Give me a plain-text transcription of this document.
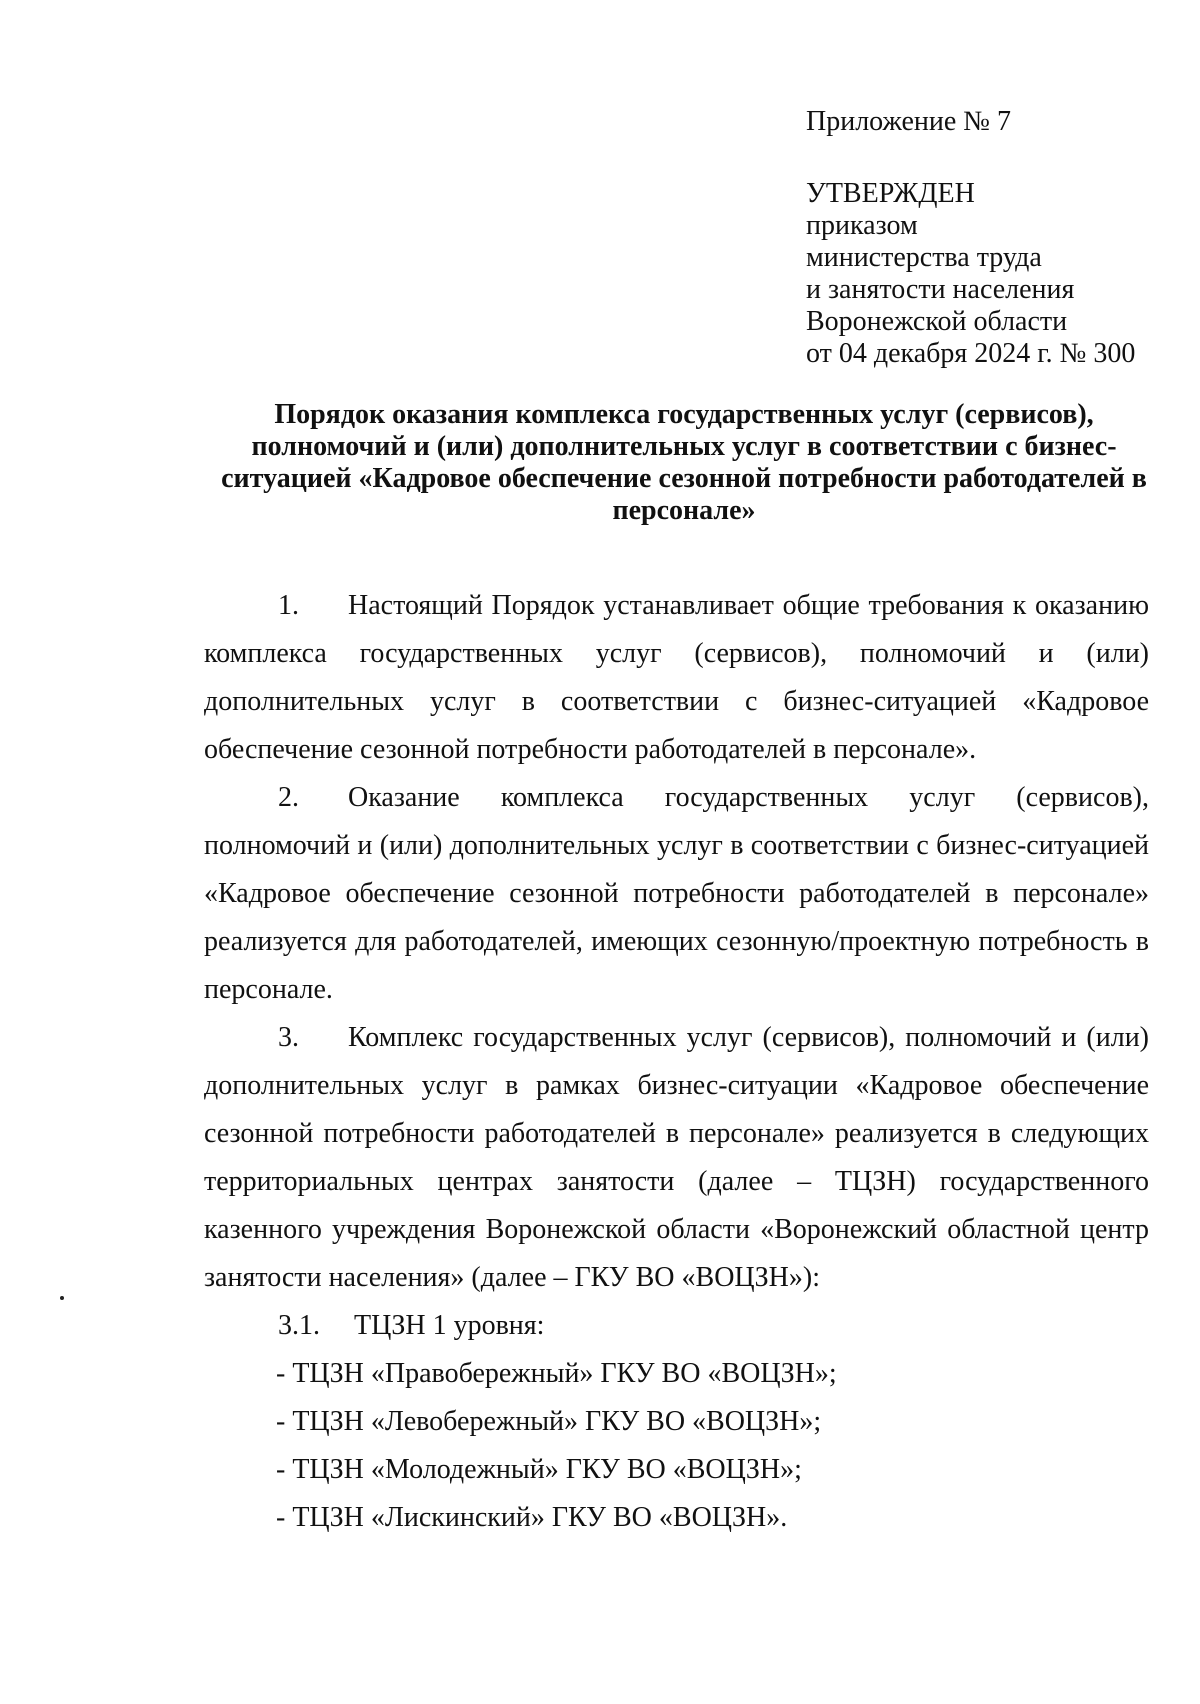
Приложение № 7
УТВЕРЖДЕН
приказом
министерства труда
и занятости населения
Воронежской области
от 04 декабря 2024 г. № 300
Порядок оказания комплекса государственных услуг (сервисов),
полномочий и (или) дополнительных услуг в соответствии с бизнес-
ситуацией «Кадровое обеспечение сезонной потребности работодателей в
персонале»

1. Настоящий Порядок устанавливает общие требования к оказанию комплекса государственных услуг (сервисов), полномочий и (или) дополнительных услуг в соответствии с бизнес-ситуацией «Кадровое обеспечение сезонной потребности работодателей в персонале».

2. Оказание комплекса государственных услуг (сервисов), полномочий и (или) дополнительных услуг в соответствии с бизнес-ситуацией «Кадровое обеспечение сезонной потребности работодателей в персонале» реализуется для работодателей, имеющих сезонную/проектную потребность в персонале.

3. Комплекс государственных услуг (сервисов), полномочий и (или) дополнительных услуг в рамках бизнес-ситуации «Кадровое обеспечение сезонной потребности работодателей в персонале» реализуется в следующих территориальных центрах занятости (далее – ТЦЗН) государственного казенного учреждения Воронежской области «Воронежский областной центр занятости населения» (далее – ГКУ ВО «ВОЦЗН»):

3.1. ТЦЗН 1 уровня:
- ТЦЗН «Правобережный» ГКУ ВО «ВОЦЗН»;
- ТЦЗН «Левобережный» ГКУ ВО «ВОЦЗН»;
- ТЦЗН «Молодежный» ГКУ ВО «ВОЦЗН»;
- ТЦЗН «Лискинский» ГКУ ВО «ВОЦЗН».
